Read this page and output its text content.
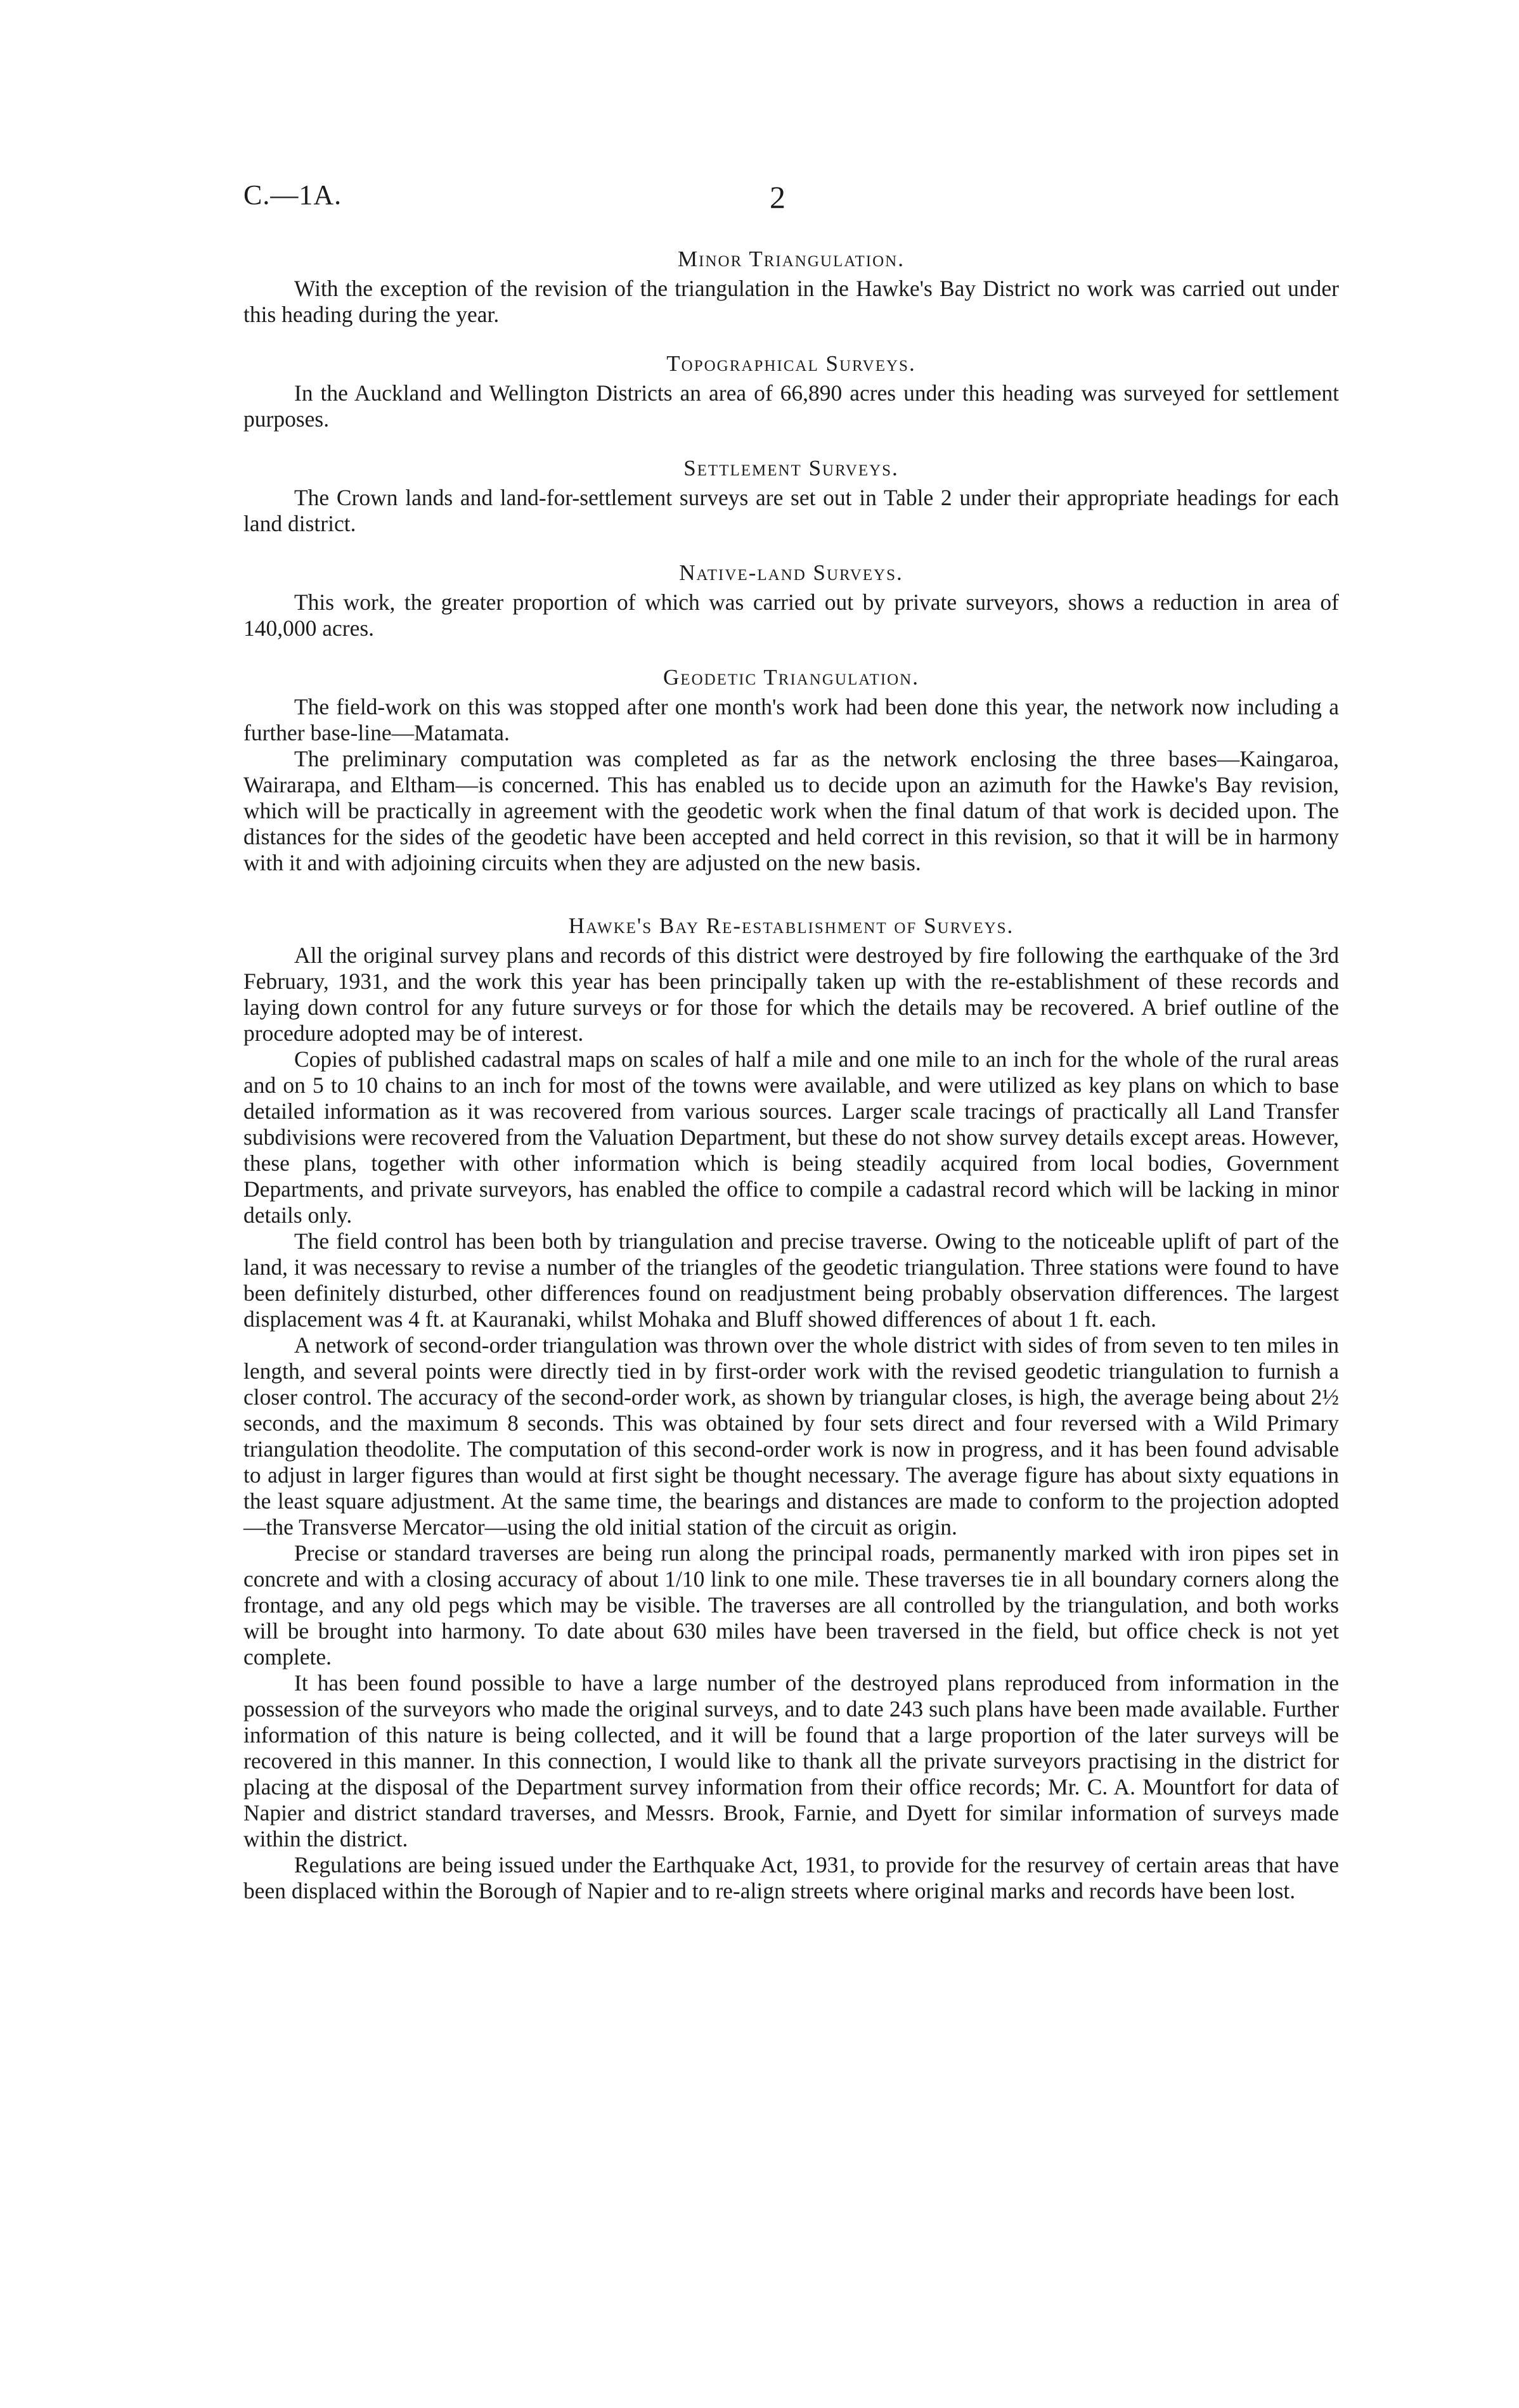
C.—1A.	2

Minor Triangulation.

With the exception of the revision of the triangulation in the Hawke's Bay District no work was carried out under this heading during the year.

Topographical Surveys.

In the Auckland and Wellington Districts an area of 66,890 acres under this heading was surveyed for settlement purposes.

Settlement Surveys.

The Crown lands and land-for-settlement surveys are set out in Table 2 under their appropriate headings for each land district.

Native-land Surveys.

This work, the greater proportion of which was carried out by private surveyors, shows a reduction in area of 140,000 acres.

Geodetic Triangulation.

The field-work on this was stopped after one month's work had been done this year, the network now including a further base-line—Matamata.

The preliminary computation was completed as far as the network enclosing the three bases—Kaingaroa, Wairarapa, and Eltham—is concerned. This has enabled us to decide upon an azimuth for the Hawke's Bay revision, which will be practically in agreement with the geodetic work when the final datum of that work is decided upon. The distances for the sides of the geodetic have been accepted and held correct in this revision, so that it will be in harmony with it and with adjoining circuits when they are adjusted on the new basis.

Hawke's Bay Re-establishment of Surveys.

All the original survey plans and records of this district were destroyed by fire following the earthquake of the 3rd February, 1931, and the work this year has been principally taken up with the re-establishment of these records and laying down control for any future surveys or for those for which the details may be recovered. A brief outline of the procedure adopted may be of interest.

Copies of published cadastral maps on scales of half a mile and one mile to an inch for the whole of the rural areas and on 5 to 10 chains to an inch for most of the towns were available, and were utilized as key plans on which to base detailed information as it was recovered from various sources. Larger scale tracings of practically all Land Transfer subdivisions were recovered from the Valuation Department, but these do not show survey details except areas. However, these plans, together with other information which is being steadily acquired from local bodies, Government Departments, and private surveyors, has enabled the office to compile a cadastral record which will be lacking in minor details only.

The field control has been both by triangulation and precise traverse. Owing to the noticeable uplift of part of the land, it was necessary to revise a number of the triangles of the geodetic triangulation. Three stations were found to have been definitely disturbed, other differences found on readjustment being probably observation differences. The largest displacement was 4 ft. at Kauranaki, whilst Mohaka and Bluff showed differences of about 1 ft. each.

A network of second-order triangulation was thrown over the whole district with sides of from seven to ten miles in length, and several points were directly tied in by first-order work with the revised geodetic triangulation to furnish a closer control. The accuracy of the second-order work, as shown by triangular closes, is high, the average being about 2½ seconds, and the maximum 8 seconds. This was obtained by four sets direct and four reversed with a Wild Primary triangulation theodolite. The computation of this second-order work is now in progress, and it has been found advisable to adjust in larger figures than would at first sight be thought necessary. The average figure has about sixty equations in the least square adjustment. At the same time, the bearings and distances are made to conform to the projection adopted—the Transverse Mercator—using the old initial station of the circuit as origin.

Precise or standard traverses are being run along the principal roads, permanently marked with iron pipes set in concrete and with a closing accuracy of about 1/10 link to one mile. These traverses tie in all boundary corners along the frontage, and any old pegs which may be visible. The traverses are all controlled by the triangulation, and both works will be brought into harmony. To date about 630 miles have been traversed in the field, but office check is not yet complete.

It has been found possible to have a large number of the destroyed plans reproduced from information in the possession of the surveyors who made the original surveys, and to date 243 such plans have been made available. Further information of this nature is being collected, and it will be found that a large proportion of the later surveys will be recovered in this manner. In this connection, I would like to thank all the private surveyors practising in the district for placing at the disposal of the Department survey information from their office records; Mr. C. A. Mountfort for data of Napier and district standard traverses, and Messrs. Brook, Farnie, and Dyett for similar information of surveys made within the district.

Regulations are being issued under the Earthquake Act, 1931, to provide for the resurvey of certain areas that have been displaced within the Borough of Napier and to re-align streets where original marks and records have been lost.
